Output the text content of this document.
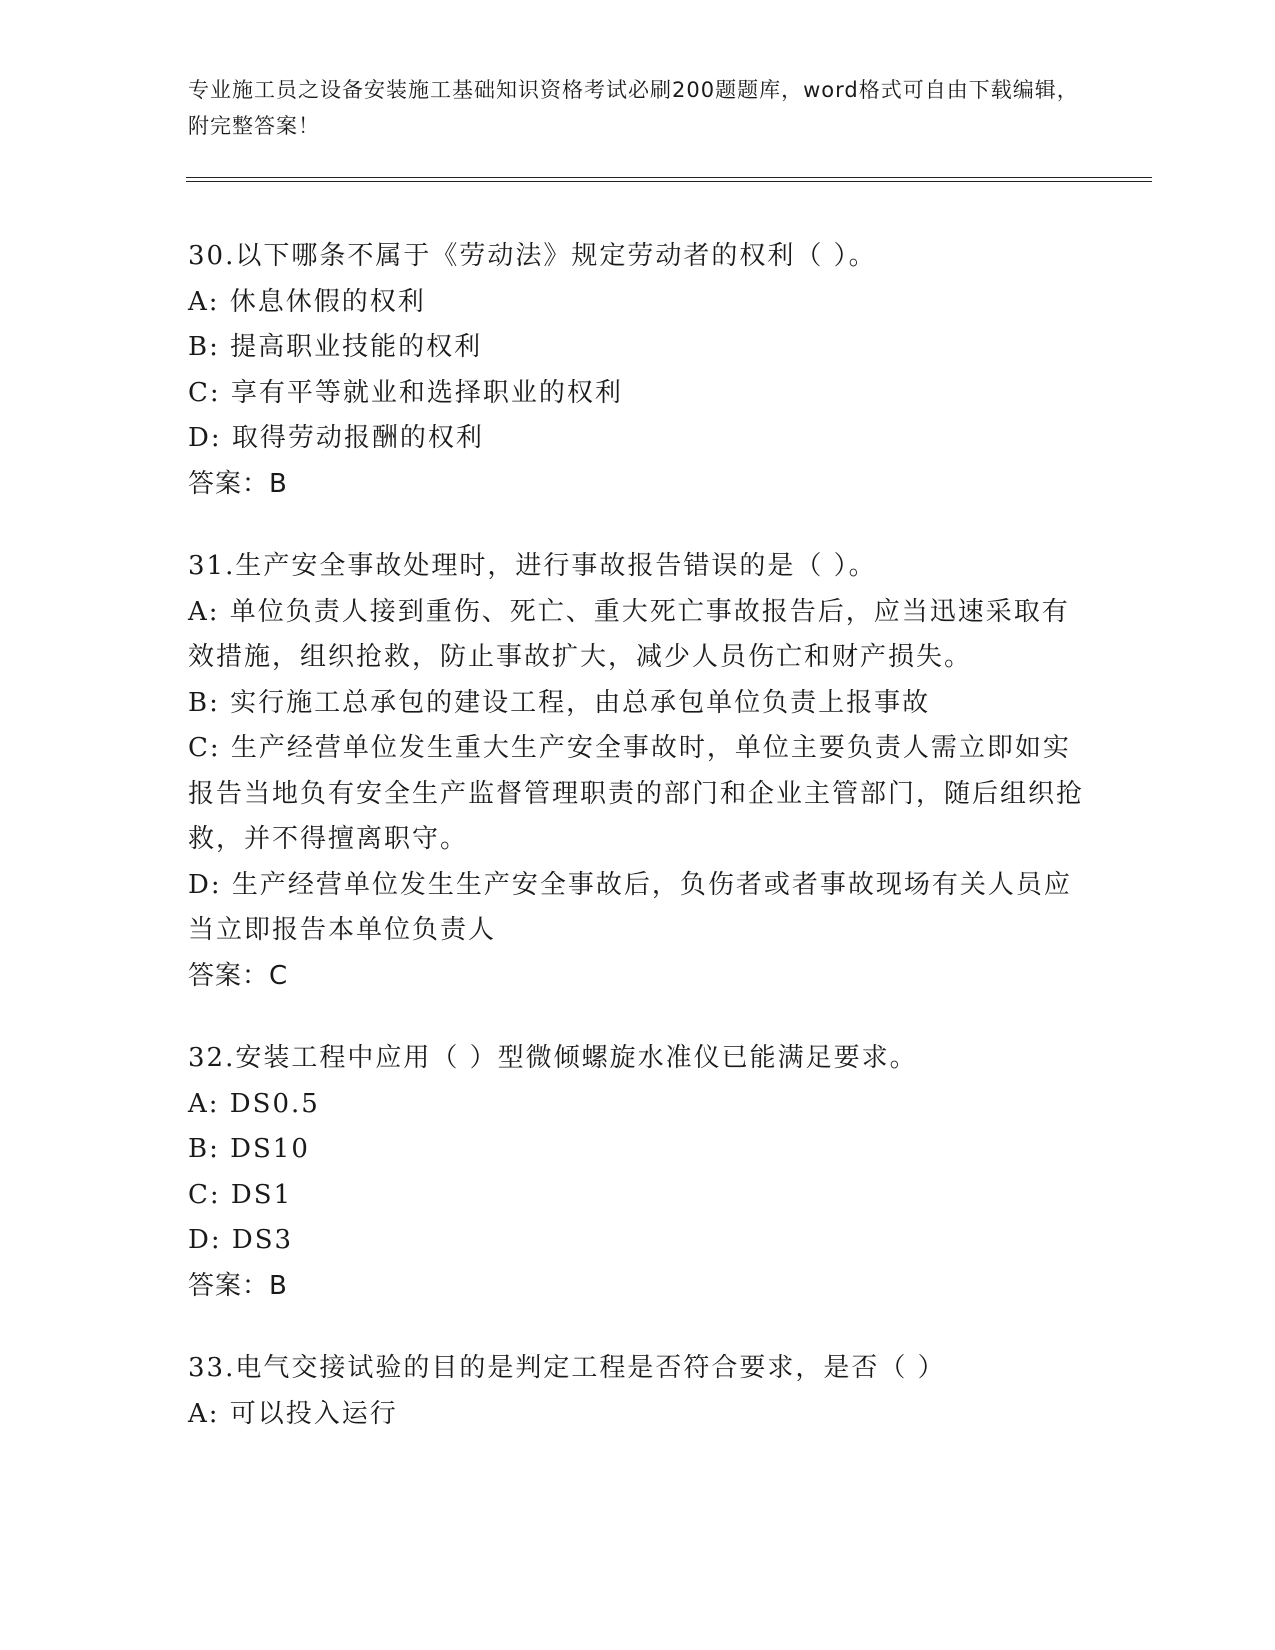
专业施工员之设备安装施工基础知识资格考试必刷200题题库，word格式可自由下载编辑，附完整答案！
30.以下哪条不属于《劳动法》规定劳动者的权利（ ）。
A: 休息休假的权利
B: 提高职业技能的权利
C: 享有平等就业和选择职业的权利
D: 取得劳动报酬的权利
答案：B
31.生产安全事故处理时，进行事故报告错误的是（ ）。
A: 单位负责人接到重伤、死亡、重大死亡事故报告后，应当迅速采取有效措施，组织抢救，防止事故扩大，减少人员伤亡和财产损失。
B: 实行施工总承包的建设工程，由总承包单位负责上报事故
C: 生产经营单位发生重大生产安全事故时，单位主要负责人需立即如实报告当地负有安全生产监督管理职责的部门和企业主管部门，随后组织抢救，并不得擅离职守。
D: 生产经营单位发生生产安全事故后，负伤者或者事故现场有关人员应当立即报告本单位负责人
答案：C
32.安装工程中应用（ ）型微倾螺旋水准仪已能满足要求。
A: DS0.5
B: DS10
C: DS1
D: DS3
答案：B
33.电气交接试验的目的是判定工程是否符合要求，是否（ ）
A: 可以投入运行
